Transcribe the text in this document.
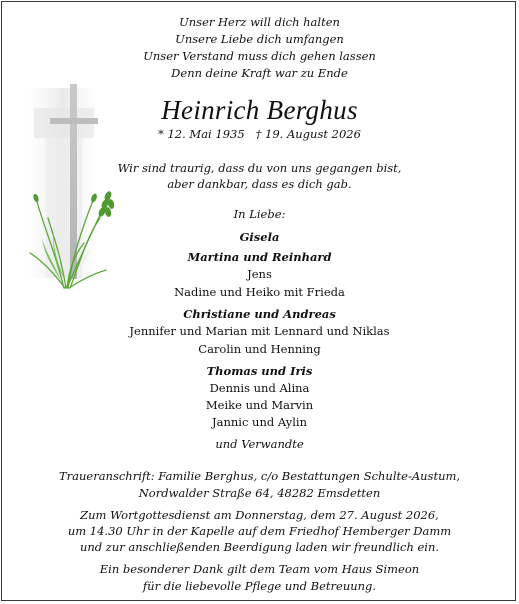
Unser Herz will dich halten
Unsere Liebe dich umfangen
Unser Verstand muss dich gehen lassen
Denn deine Kraft war zu Ende
Heinrich Berghus
* 12. Mai 1935   † 19. August 2026
Wir sind traurig, dass du von uns gegangen bist,
aber dankbar, dass es dich gab.
In Liebe:
Gisela
Martina und Reinhard
Jens
Nadine und Heiko mit Frieda
Christiane und Andreas
Jennifer und Marian mit Lennard und Niklas
Carolin und Henning
Thomas und Iris
Dennis und Alina
Meike und Marvin
Jannic und Aylin
und Verwandte
Traueranschrift: Familie Berghus, c/o Bestattungen Schulte-Austum,
Nordwalder Straße 64, 48282 Emsdetten
Zum Wortgottesdienst am Donnerstag, dem 27. August 2026,
um 14.30 Uhr in der Kapelle auf dem Friedhof Hemberger Damm
und zur anschließenden Beerdigung laden wir freundlich ein.
Ein besonderer Dank gilt dem Team vom Haus Simeon
für die liebevolle Pflege und Betreuung.
